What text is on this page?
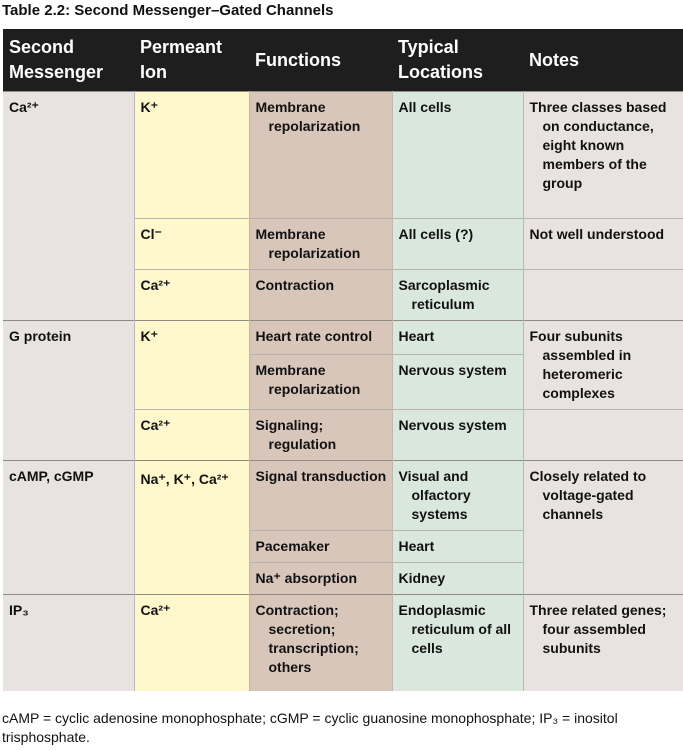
Table 2.2: Second Messenger–Gated Channels
Second Messenger	Permeant Ion	Functions	Typical Locations	Notes
Ca²⁺	K⁺	Membrane repolarization	All cells	Three classes based on conductance, eight known members of the group

	Cl⁻	Membrane repolarization	All cells (?)	Not well understood

	Ca²⁺	Contraction	Sarcoplasmic reticulum	

G protein	K⁺	Heart rate control	Heart	Four subunits assembled in heteromeric complexes

		Membrane repolarization	Nervous system	

	Ca²⁺	Signaling; regulation	Nervous system	

cAMP, cGMP	Na⁺, K⁺, Ca²⁺	Signal transduction	Visual and olfactory systems	Closely related to voltage-gated channels

		Pacemaker	Heart	

		Na⁺ absorption	Kidney	

IP₃	Ca²⁺	Contraction; secretion; transcription; others	Endoplasmic reticulum of all cells	Three related genes; four assembled subunits
cAMP = cyclic adenosine monophosphate; cGMP = cyclic guanosine monophosphate; IP₃ = inositol trisphosphate.
